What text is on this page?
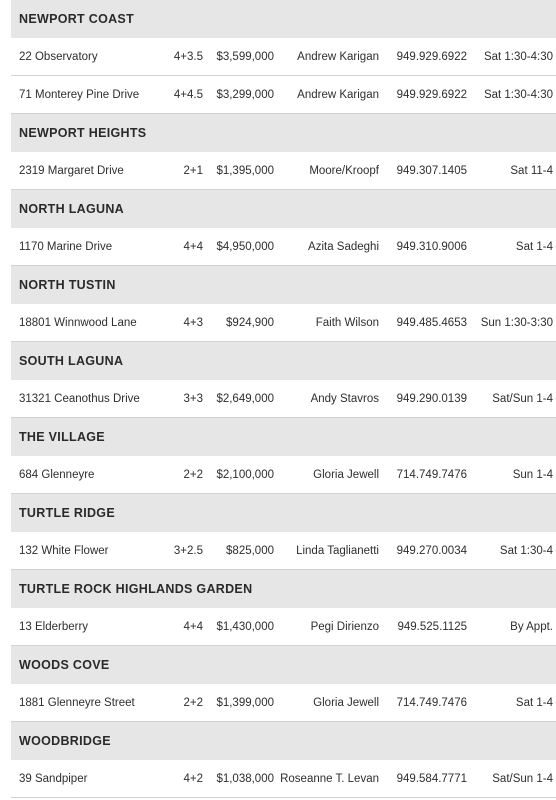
NEWPORT COAST
22 Observatory	4+3.5 $3,599,000 Andrew Karigan 949.929.6922 Sat 1:30-4:30
71 Monterey Pine Drive	4+4.5 $3,299,000 Andrew Karigan 949.929.6922 Sat 1:30-4:30
NEWPORT HEIGHTS
2319 Margaret Drive	2+1 $1,395,000	Moore/Kroopf 949.307.1405	Sat 11-4
NORTH LAGUNA
1170 Marine Drive	4+4 $4,950,000	Azita Sadeghi 949.310.9006	Sat 1-4
NORTH TUSTIN
18801 Winnwood Lane	4+3 $924,900	Faith Wilson 949.485.4653 Sun 1:30-3:30
SOUTH LAGUNA
31321 Ceanothus Drive	3+3 $2,649,000	Andy Stavros 949.290.0139 Sat/Sun 1-4
THE VILLAGE
684 Glenneyre	2+2 $2,100,000	Gloria Jewell 714.749.7476	Sun 1-4
TURTLE RIDGE
132 White Flower	3+2.5 $825,000 Linda Taglianetti 949.270.0034	Sat 1:30-4
TURTLE ROCK HIGHLANDS GARDEN
13 Elderberry	4+4 $1,430,000	Pegi Dirienzo 949.525.1125	By Appt.
WOODS COVE
1881 Glenneyre Street	2+2 $1,399,000	Gloria Jewell 714.749.7476	Sat 1-4
WOODBRIDGE
39 Sandpiper	4+2 $1,038,000 Roseanne T. Levan 949.584.7771 Sat/Sun 1-4
